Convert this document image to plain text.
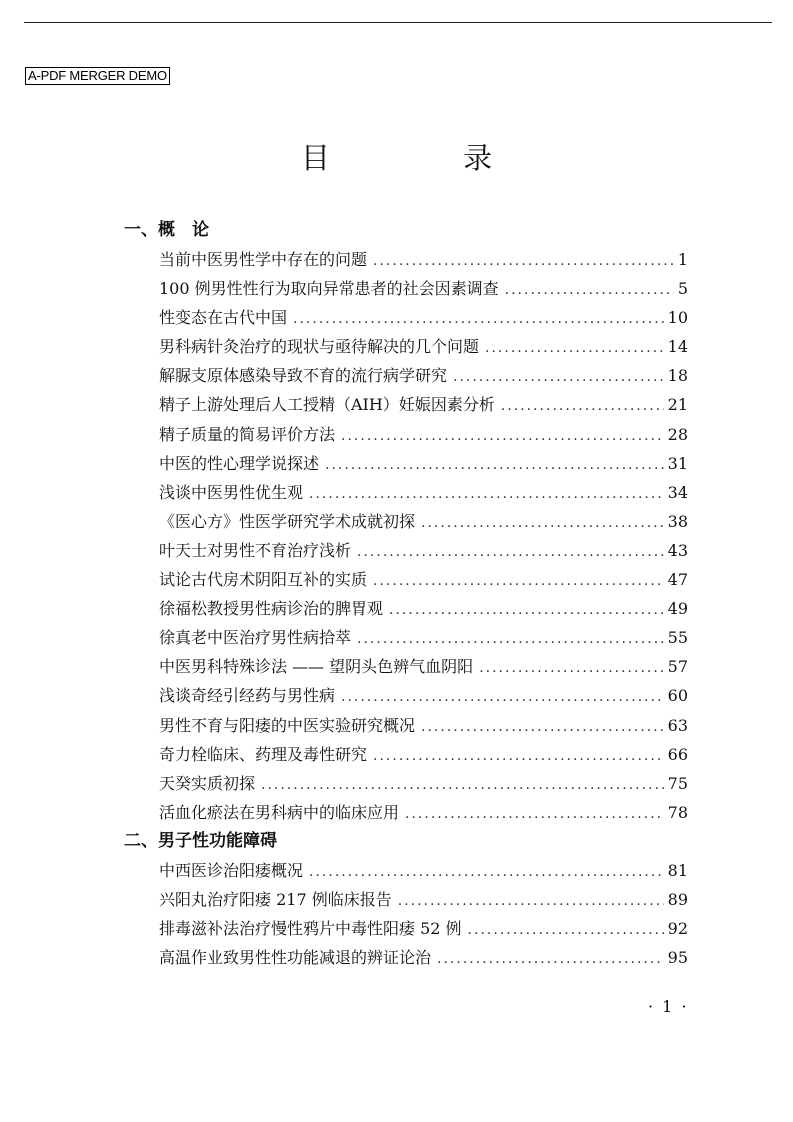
A-PDF MERGER DEMO
目 录
一、概　论
当前中医男性学中存在的问题 .....	1
100 例男性性行为取向异常患者的社会因素调查 .....	5
性变态在古代中国 .....	10
男科病针灸治疗的现状与亟待解决的几个问题 .....	14
解脲支原体感染导致不育的流行病学研究 .....	18
精子上游处理后人工授精（AIH）妊娠因素分析 .....	21
精子质量的简易评价方法 .....	28
中医的性心理学说探述 .....	31
浅谈中医男性优生观 .....	34
《医心方》性医学研究学术成就初探 .....	38
叶天士对男性不育治疗浅析 .....	43
试论古代房术阴阳互补的实质 .....	47
徐福松教授男性病诊治的脾胃观 .....	49
徐真老中医治疗男性病拾萃 .....	55
中医男科特殊诊法 —— 望阴头色辨气血阴阳 .....	57
浅谈奇经引经药与男性病 .....	60
男性不育与阳痿的中医实验研究概况 .....	63
奇力栓临床、药理及毒性研究 .....	66
天癸实质初探 .....	75
活血化瘀法在男科病中的临床应用 .....	78
二、男子性功能障碍
中西医诊治阳痿概况 .....	81
兴阳丸治疗阳痿 217 例临床报告 .....	89
排毒滋补法治疗慢性鸦片中毒性阳痿 52 例 .....	92
高温作业致男性性功能减退的辨证论治 .....	95
· 1 ·
